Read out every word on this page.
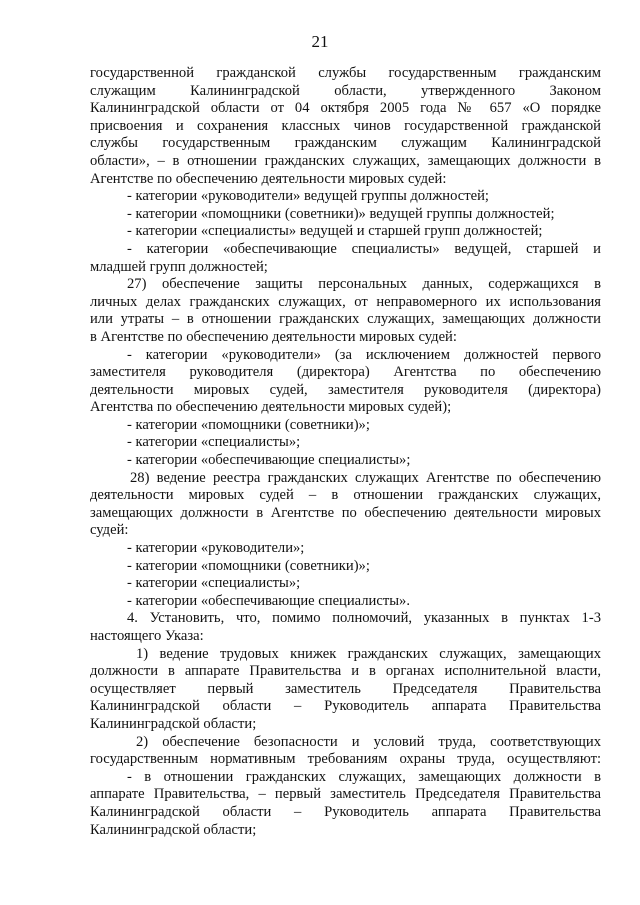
21
государственной гражданской службы государственным гражданским
служащим Калининградской области, утвержденного Законом
Калининградской области от 04 октября 2005 года № 657 «О порядке
присвоения и сохранения классных чинов государственной гражданской
службы государственным гражданским служащим Калининградской
области», – в отношении гражданских служащих, замещающих должности в
Агентстве по обеспечению деятельности мировых судей:
- категории «руководители» ведущей группы должностей;
- категории «помощники (советники)» ведущей группы должностей;
- категории «специалисты» ведущей и старшей групп должностей;
- категории «обеспечивающие специалисты» ведущей, старшей и
младшей групп должностей;
27) обеспечение защиты персональных данных, содержащихся в
личных делах гражданских служащих, от неправомерного их использования
или утраты – в отношении гражданских служащих, замещающих должности
в Агентстве по обеспечению деятельности мировых судей:
- категории «руководители» (за исключением должностей первого
заместителя руководителя (директора) Агентства по обеспечению
деятельности мировых судей, заместителя руководителя (директора)
Агентства по обеспечению деятельности мировых судей);
- категории «помощники (советники)»;
- категории «специалисты»;
- категории «обеспечивающие специалисты»;
28) ведение реестра гражданских служащих Агентстве по обеспечению
деятельности мировых судей – в отношении гражданских служащих,
замещающих должности в Агентстве по обеспечению деятельности мировых
судей:
- категории «руководители»;
- категории «помощники (советники)»;
- категории «специалисты»;
- категории «обеспечивающие специалисты».
4. Установить, что, помимо полномочий, указанных в пунктах 1-3
настоящего Указа:
1) ведение трудовых книжек гражданских служащих, замещающих
должности в аппарате Правительства и в органах исполнительной власти,
осуществляет первый заместитель Председателя Правительства
Калининградской области – Руководитель аппарата Правительства
Калининградской области;
2) обеспечение безопасности и условий труда, соответствующих
государственным нормативным требованиям охраны труда, осуществляют:
- в отношении гражданских служащих, замещающих должности в
аппарате Правительства, – первый заместитель Председателя Правительства
Калининградской области – Руководитель аппарата Правительства
Калининградской области;
